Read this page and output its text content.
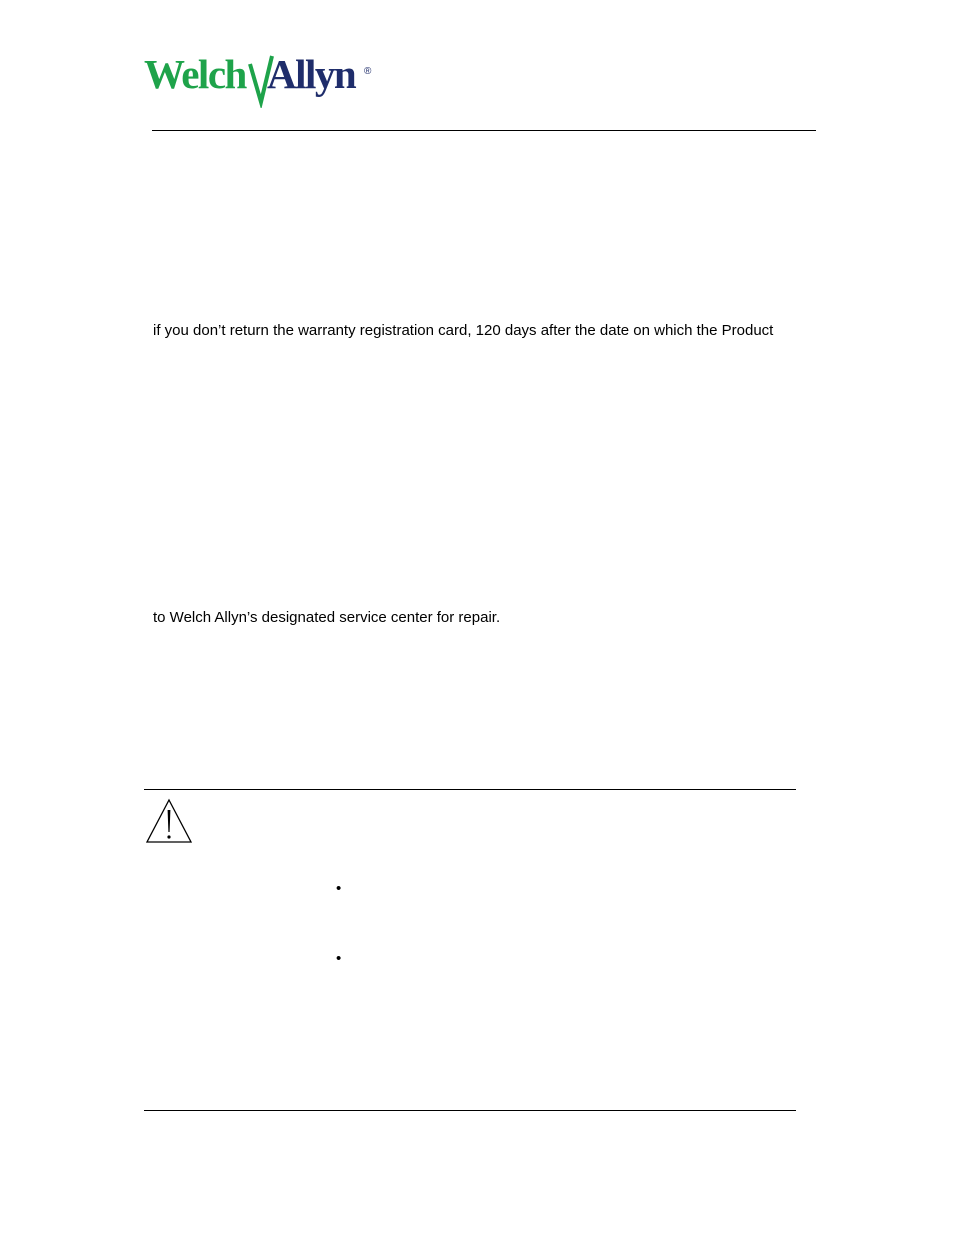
Welch Allyn ®
if you don’t return the warranty registration card, 120 days after the date on which the Product
to Welch Allyn’s designated service center for repair.
•
•
